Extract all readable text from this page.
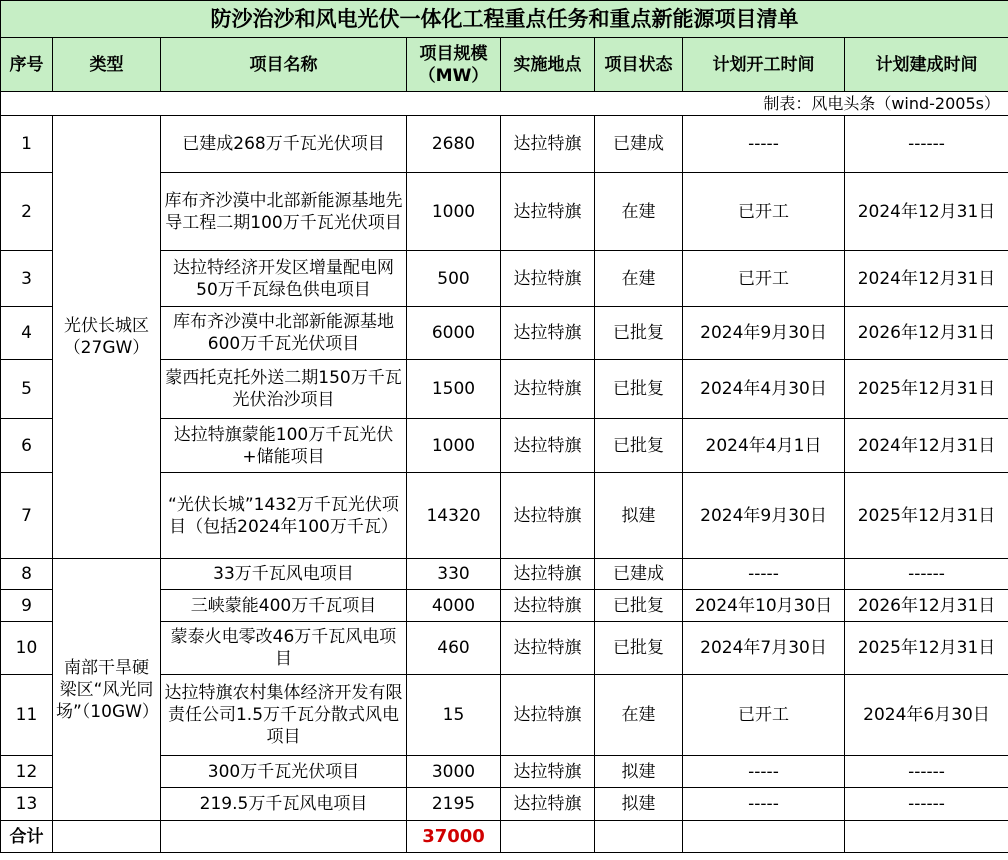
防沙治沙和风电光伏一体化工程重点任务和重点新能源项目清单							
序号	类型	项目名称	项目规模（MW）	实施地点	项目状态	计划开工时间	计划建成时间
制表：风电头条（wind-2005s）							
1	光伏长城区（27GW）	已建成268万千瓦光伏项目	2680	达拉特旗	已建成	-----	------
2		库布齐沙漠中北部新能源基地先导工程二期100万千瓦光伏项目	1000	达拉特旗	在建	已开工	2024年12月31日
3		达拉特经济开发区增量配电网50万千瓦绿色供电项目	500	达拉特旗	在建	已开工	2024年12月31日
4		库布齐沙漠中北部新能源基地600万千瓦光伏项目	6000	达拉特旗	已批复	2024年9月30日	2026年12月31日
5		蒙西托克托外送二期150万千瓦光伏治沙项目	1500	达拉特旗	已批复	2024年4月30日	2025年12月31日
6		达拉特旗蒙能100万千瓦光伏+储能项目	1000	达拉特旗	已批复	2024年4月1日	2024年12月31日
7		“光伏长城”1432万千瓦光伏项目（包括2024年100万千瓦）	14320	达拉特旗	拟建	2024年9月30日	2025年12月31日
8	南部干旱硬梁区“风光同场”（10GW）	33万千瓦风电项目	330	达拉特旗	已建成	-----	------
9		三峡蒙能400万千瓦项目	4000	达拉特旗	已批复	2024年10月30日	2026年12月31日
10		蒙泰火电零改46万千瓦风电项目	460	达拉特旗	已批复	2024年7月30日	2025年12月31日
11		达拉特旗农村集体经济开发有限责任公司1.5万千瓦分散式风电项目	15	达拉特旗	在建	已开工	2024年6月30日
12		300万千瓦光伏项目	3000	达拉特旗	拟建	-----	------
13		219.5万千瓦风电项目	2195	达拉特旗	拟建	-----	------
合计			37000				
